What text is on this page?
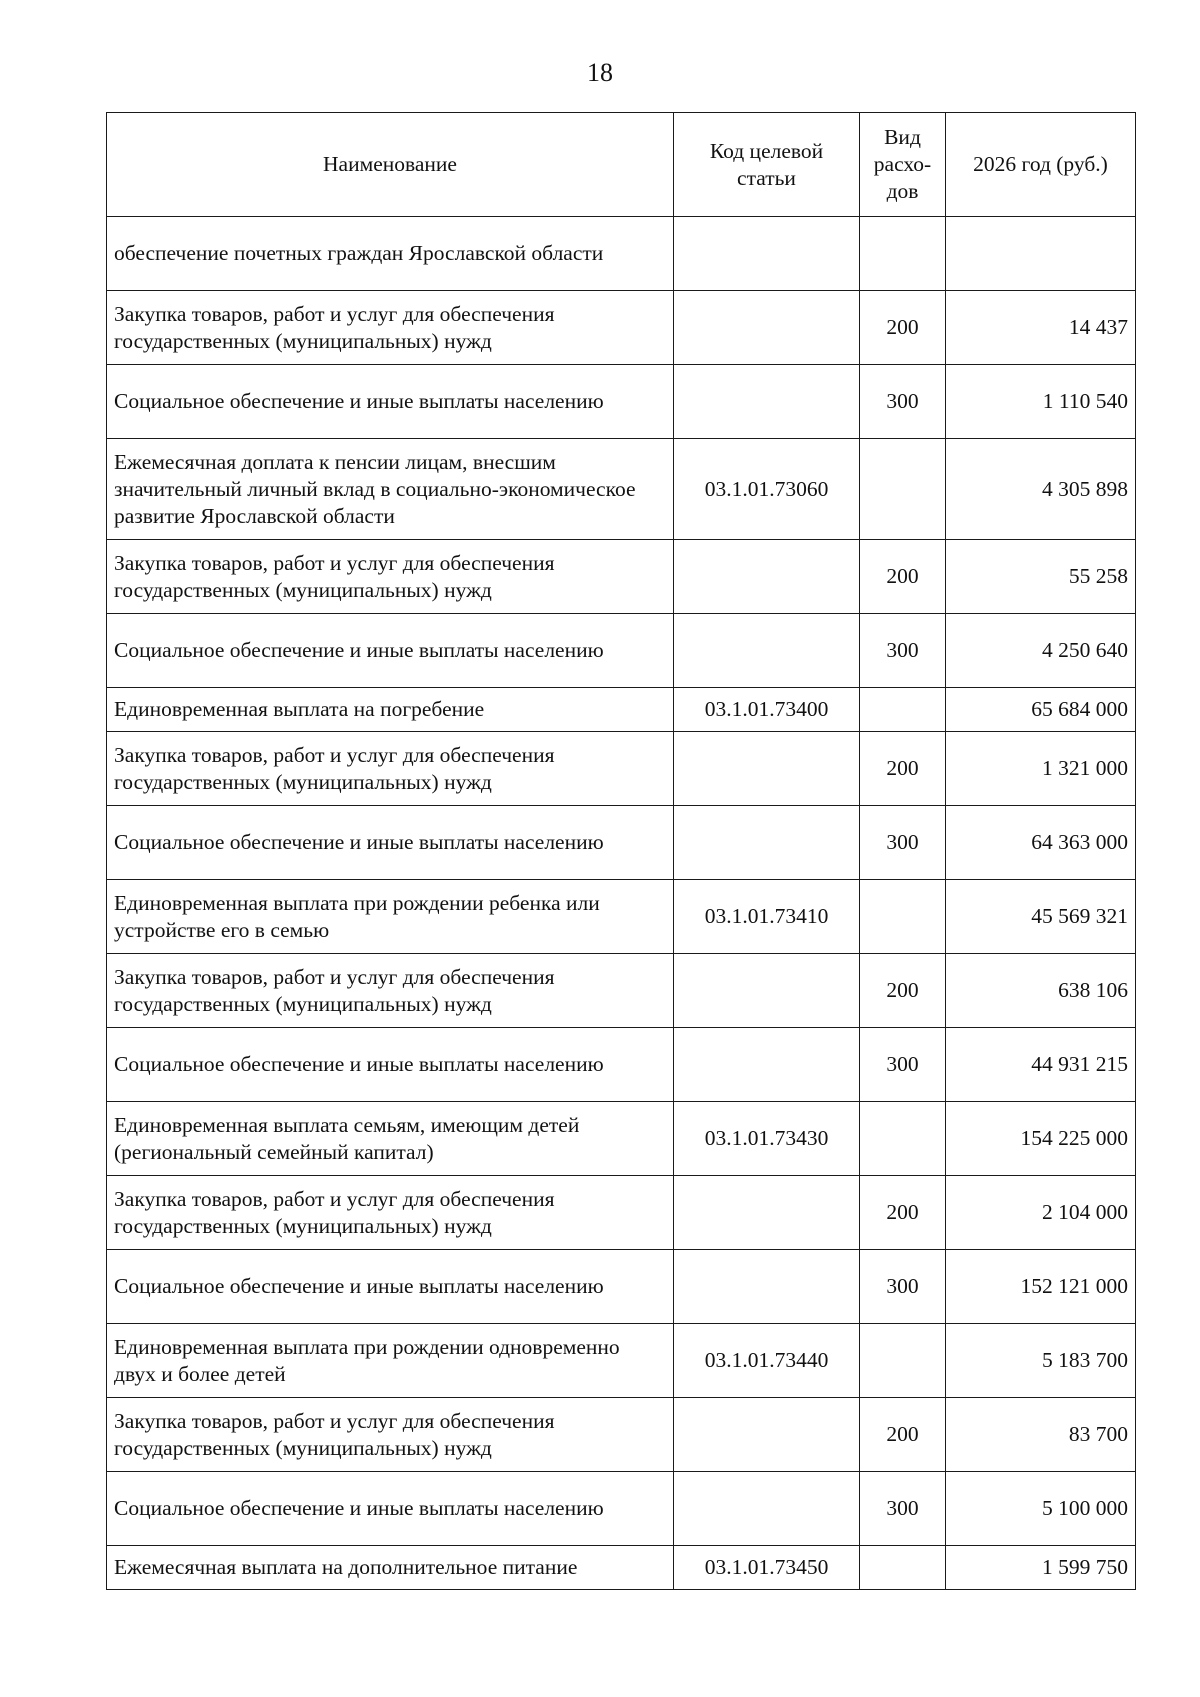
18
Наименование	Код целевой статьи	Вид расхо-дов	2026 год (руб.)
обеспечение почетных граждан Ярославской области			
Закупка товаров, работ и услуг для обеспечения государственных (муниципальных) нужд		200	14 437
Социальное обеспечение и иные выплаты населению		300	1 110 540
Ежемесячная доплата к пенсии лицам, внесшим значительный личный вклад в социально-экономическое развитие Ярославской области	03.1.01.73060		4 305 898
Закупка товаров, работ и услуг для обеспечения государственных (муниципальных) нужд		200	55 258
Социальное обеспечение и иные выплаты населению		300	4 250 640
Единовременная выплата на погребение	03.1.01.73400		65 684 000
Закупка товаров, работ и услуг для обеспечения государственных (муниципальных) нужд		200	1 321 000
Социальное обеспечение и иные выплаты населению		300	64 363 000
Единовременная выплата при рождении ребенка или устройстве его в семью	03.1.01.73410		45 569 321
Закупка товаров, работ и услуг для обеспечения государственных (муниципальных) нужд		200	638 106
Социальное обеспечение и иные выплаты населению		300	44 931 215
Единовременная выплата семьям, имеющим детей (региональный семейный капитал)	03.1.01.73430		154 225 000
Закупка товаров, работ и услуг для обеспечения государственных (муниципальных) нужд		200	2 104 000
Социальное обеспечение и иные выплаты населению		300	152 121 000
Единовременная выплата при рождении одновременно двух и более детей	03.1.01.73440		5 183 700
Закупка товаров, работ и услуг для обеспечения государственных (муниципальных) нужд		200	83 700
Социальное обеспечение и иные выплаты населению		300	5 100 000
Ежемесячная выплата на дополнительное питание	03.1.01.73450		1 599 750
